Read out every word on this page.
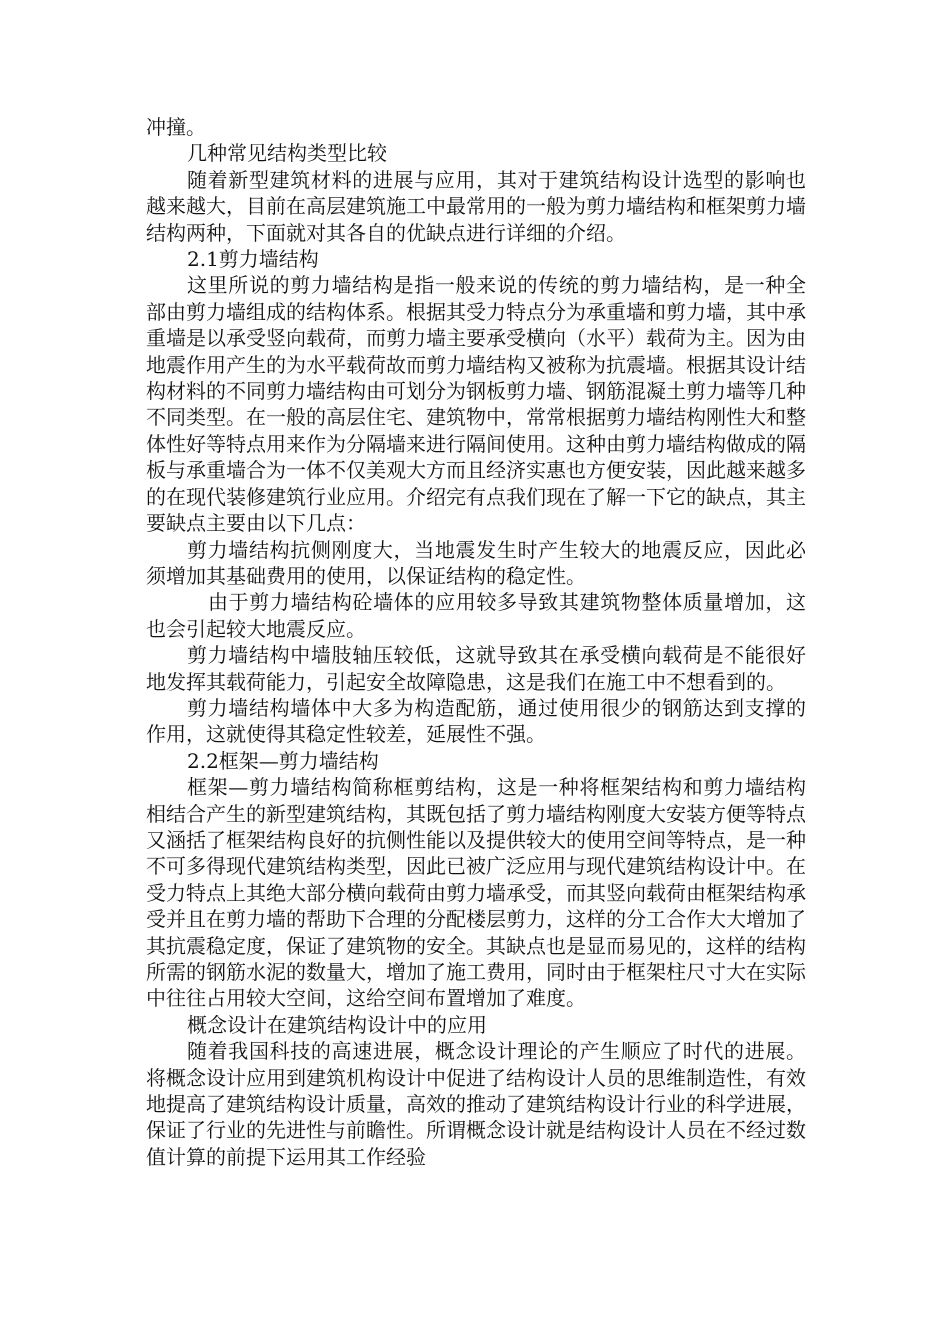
冲撞。

几种常见结构类型比较

随着新型建筑材料的进展与应用，其对于建筑结构设计选型的影响也越来越大，目前在高层建筑施工中最常用的一般为剪力墙结构和框架剪力墙结构两种，下面就对其各自的优缺点进行详细的介绍。

2.1剪力墙结构

这里所说的剪力墙结构是指一般来说的传统的剪力墙结构，是一种全部由剪力墙组成的结构体系。根据其受力特点分为承重墙和剪力墙，其中承重墙是以承受竖向载荷，而剪力墙主要承受横向（水平）载荷为主。因为由地震作用产生的为水平载荷故而剪力墙结构又被称为抗震墙。根据其设计结构材料的不同剪力墙结构由可划分为钢板剪力墙、钢筋混凝土剪力墙等几种不同类型。在一般的高层住宅、建筑物中，常常根据剪力墙结构刚性大和整体性好等特点用来作为分隔墙来进行隔间使用。这种由剪力墙结构做成的隔板与承重墙合为一体不仅美观大方而且经济实惠也方便安装，因此越来越多的在现代装修建筑行业应用。介绍完有点我们现在了解一下它的缺点，其主要缺点主要由以下几点：

剪力墙结构抗侧刚度大，当地震发生时产生较大的地震反应，因此必须增加其基础费用的使用，以保证结构的稳定性。

由于剪力墙结构砼墙体的应用较多导致其建筑物整体质量增加，这也会引起较大地震反应。

剪力墙结构中墙肢轴压较低，这就导致其在承受横向载荷是不能很好地发挥其载荷能力，引起安全故障隐患，这是我们在施工中不想看到的。

剪力墙结构墙体中大多为构造配筋，通过使用很少的钢筋达到支撑的作用，这就使得其稳定性较差，延展性不强。

2.2框架—剪力墙结构

框架—剪力墙结构简称框剪结构，这是一种将框架结构和剪力墙结构相结合产生的新型建筑结构，其既包括了剪力墙结构刚度大安装方便等特点又涵括了框架结构良好的抗侧性能以及提供较大的使用空间等特点，是一种不可多得现代建筑结构类型，因此已被广泛应用与现代建筑结构设计中。在受力特点上其绝大部分横向载荷由剪力墙承受，而其竖向载荷由框架结构承受并且在剪力墙的帮助下合理的分配楼层剪力，这样的分工合作大大增加了其抗震稳定度，保证了建筑物的安全。其缺点也是显而易见的，这样的结构所需的钢筋水泥的数量大，增加了施工费用，同时由于框架柱尺寸大在实际中往往占用较大空间，这给空间布置增加了难度。

概念设计在建筑结构设计中的应用

随着我国科技的高速进展，概念设计理论的产生顺应了时代的进展。将概念设计应用到建筑机构设计中促进了结构设计人员的思维制造性，有效地提高了建筑结构设计质量，高效的推动了建筑结构设计行业的科学进展，保证了行业的先进性与前瞻性。所谓概念设计就是结构设计人员在不经过数值计算的前提下运用其工作经验
